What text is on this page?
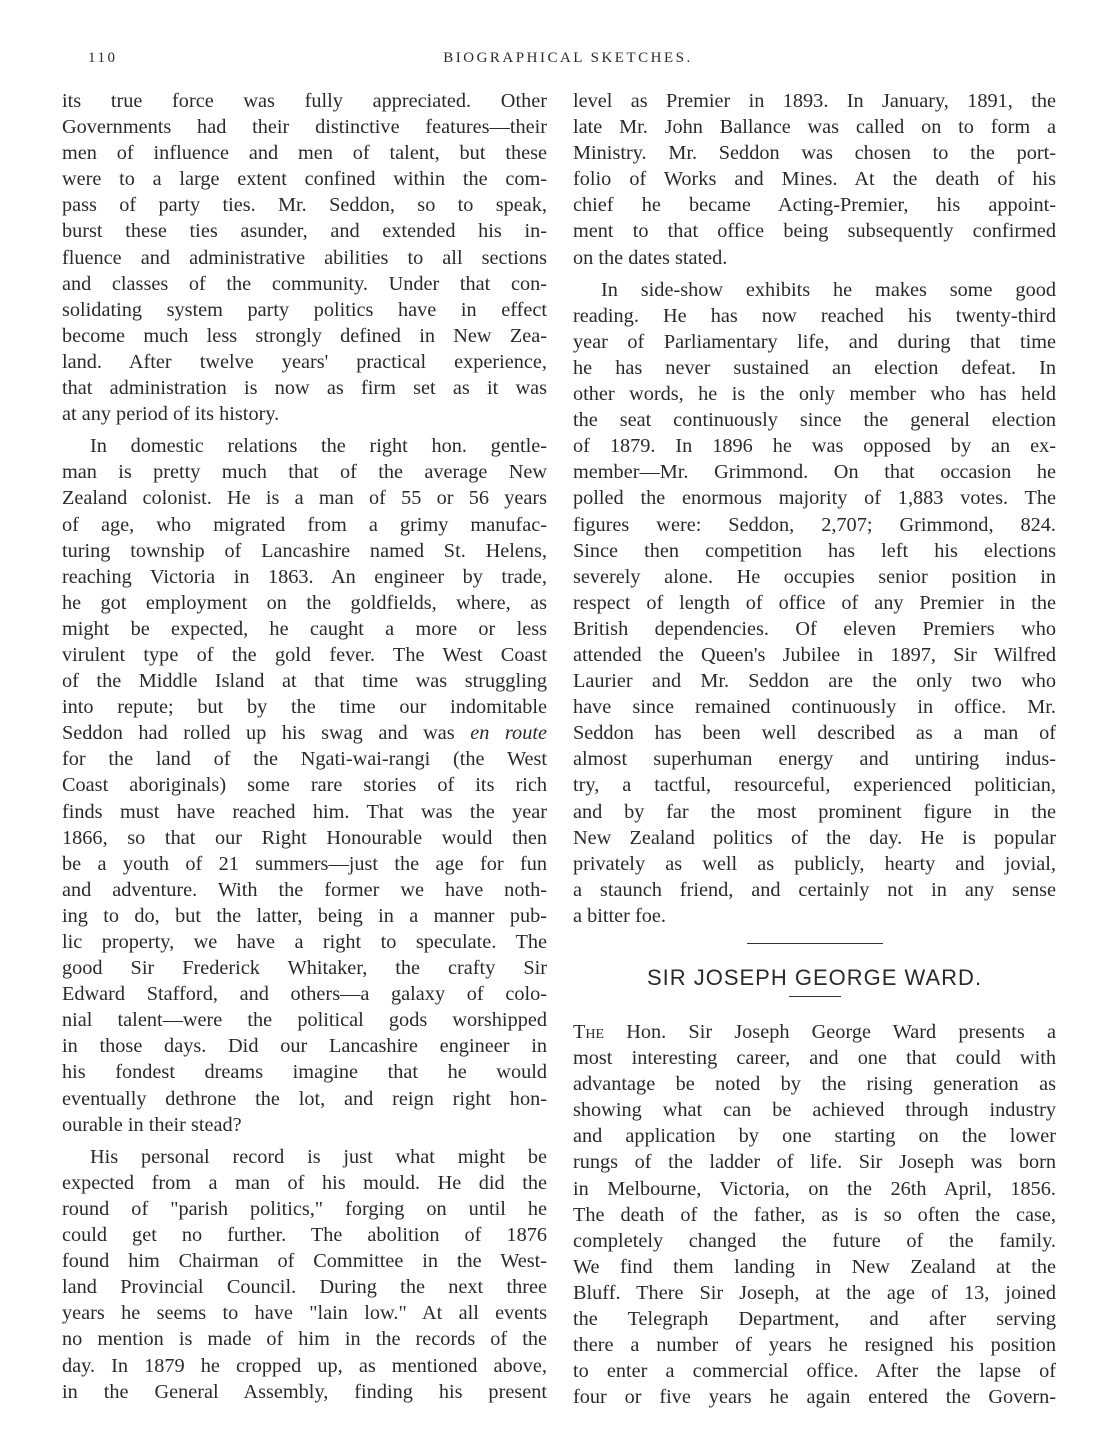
110	BIOGRAPHICAL SKETCHES.
its true force was fully appreciated. Other
Governments had their distinctive features—their
men of influence and men of talent, but these
were to a large extent confined within the com-
pass of party ties. Mr. Seddon, so to speak,
burst these ties asunder, and extended his in-
fluence and administrative abilities to all sections
and classes of the community. Under that con-
solidating system party politics have in effect
become much less strongly defined in New Zea-
land. After twelve years' practical experience,
that administration is now as firm set as it was
at any period of its history.
In domestic relations the right hon. gentle-
man is pretty much that of the average New
Zealand colonist. He is a man of 55 or 56 years
of age, who migrated from a grimy manufac-
turing township of Lancashire named St. Helens,
reaching Victoria in 1863. An engineer by trade,
he got employment on the goldfields, where, as
might be expected, he caught a more or less
virulent type of the gold fever. The West Coast
of the Middle Island at that time was struggling
into repute; but by the time our indomitable
Seddon had rolled up his swag and was en route
for the land of the Ngati-wai-rangi (the West
Coast aboriginals) some rare stories of its rich
finds must have reached him. That was the year
1866, so that our Right Honourable would then
be a youth of 21 summers—just the age for fun
and adventure. With the former we have noth-
ing to do, but the latter, being in a manner pub-
lic property, we have a right to speculate. The
good Sir Frederick Whitaker, the crafty Sir
Edward Stafford, and others—a galaxy of colo-
nial talent—were the political gods worshipped
in those days. Did our Lancashire engineer in
his fondest dreams imagine that he would
eventually dethrone the lot, and reign right hon-
ourable in their stead?
His personal record is just what might be
expected from a man of his mould. He did the
round of "parish politics," forging on until he
could get no further. The abolition of 1876
found him Chairman of Committee in the West-
land Provincial Council. During the next three
years he seems to have "lain low." At all events
no mention is made of him in the records of the
day. In 1879 he cropped up, as mentioned above,
in the General Assembly, finding his present
level as Premier in 1893. In January, 1891, the
late Mr. John Ballance was called on to form a
Ministry. Mr. Seddon was chosen to the port-
folio of Works and Mines. At the death of his
chief he became Acting-Premier, his appoint-
ment to that office being subsequently confirmed
on the dates stated.
In side-show exhibits he makes some good
reading. He has now reached his twenty-third
year of Parliamentary life, and during that time
he has never sustained an election defeat. In
other words, he is the only member who has held
the seat continuously since the general election
of 1879. In 1896 he was opposed by an ex-
member—Mr. Grimmond. On that occasion he
polled the enormous majority of 1,883 votes. The
figures were: Seddon, 2,707; Grimmond, 824.
Since then competition has left his elections
severely alone. He occupies senior position in
respect of length of office of any Premier in the
British dependencies. Of eleven Premiers who
attended the Queen's Jubilee in 1897, Sir Wilfred
Laurier and Mr. Seddon are the only two who
have since remained continuously in office. Mr.
Seddon has been well described as a man of
almost superhuman energy and untiring indus-
try, a tactful, resourceful, experienced politician,
and by far the most prominent figure in the
New Zealand politics of the day. He is popular
privately as well as publicly, hearty and jovial,
a staunch friend, and certainly not in any sense
a bitter foe.
SIR JOSEPH GEORGE WARD.
The Hon. Sir Joseph George Ward presents a
most interesting career, and one that could with
advantage be noted by the rising generation as
showing what can be achieved through industry
and application by one starting on the lower
rungs of the ladder of life. Sir Joseph was born
in Melbourne, Victoria, on the 26th April, 1856.
The death of the father, as is so often the case,
completely changed the future of the family.
We find them landing in New Zealand at the
Bluff. There Sir Joseph, at the age of 13, joined
the Telegraph Department, and after serving
there a number of years he resigned his position
to enter a commercial office. After the lapse of
four or five years he again entered the Govern-
